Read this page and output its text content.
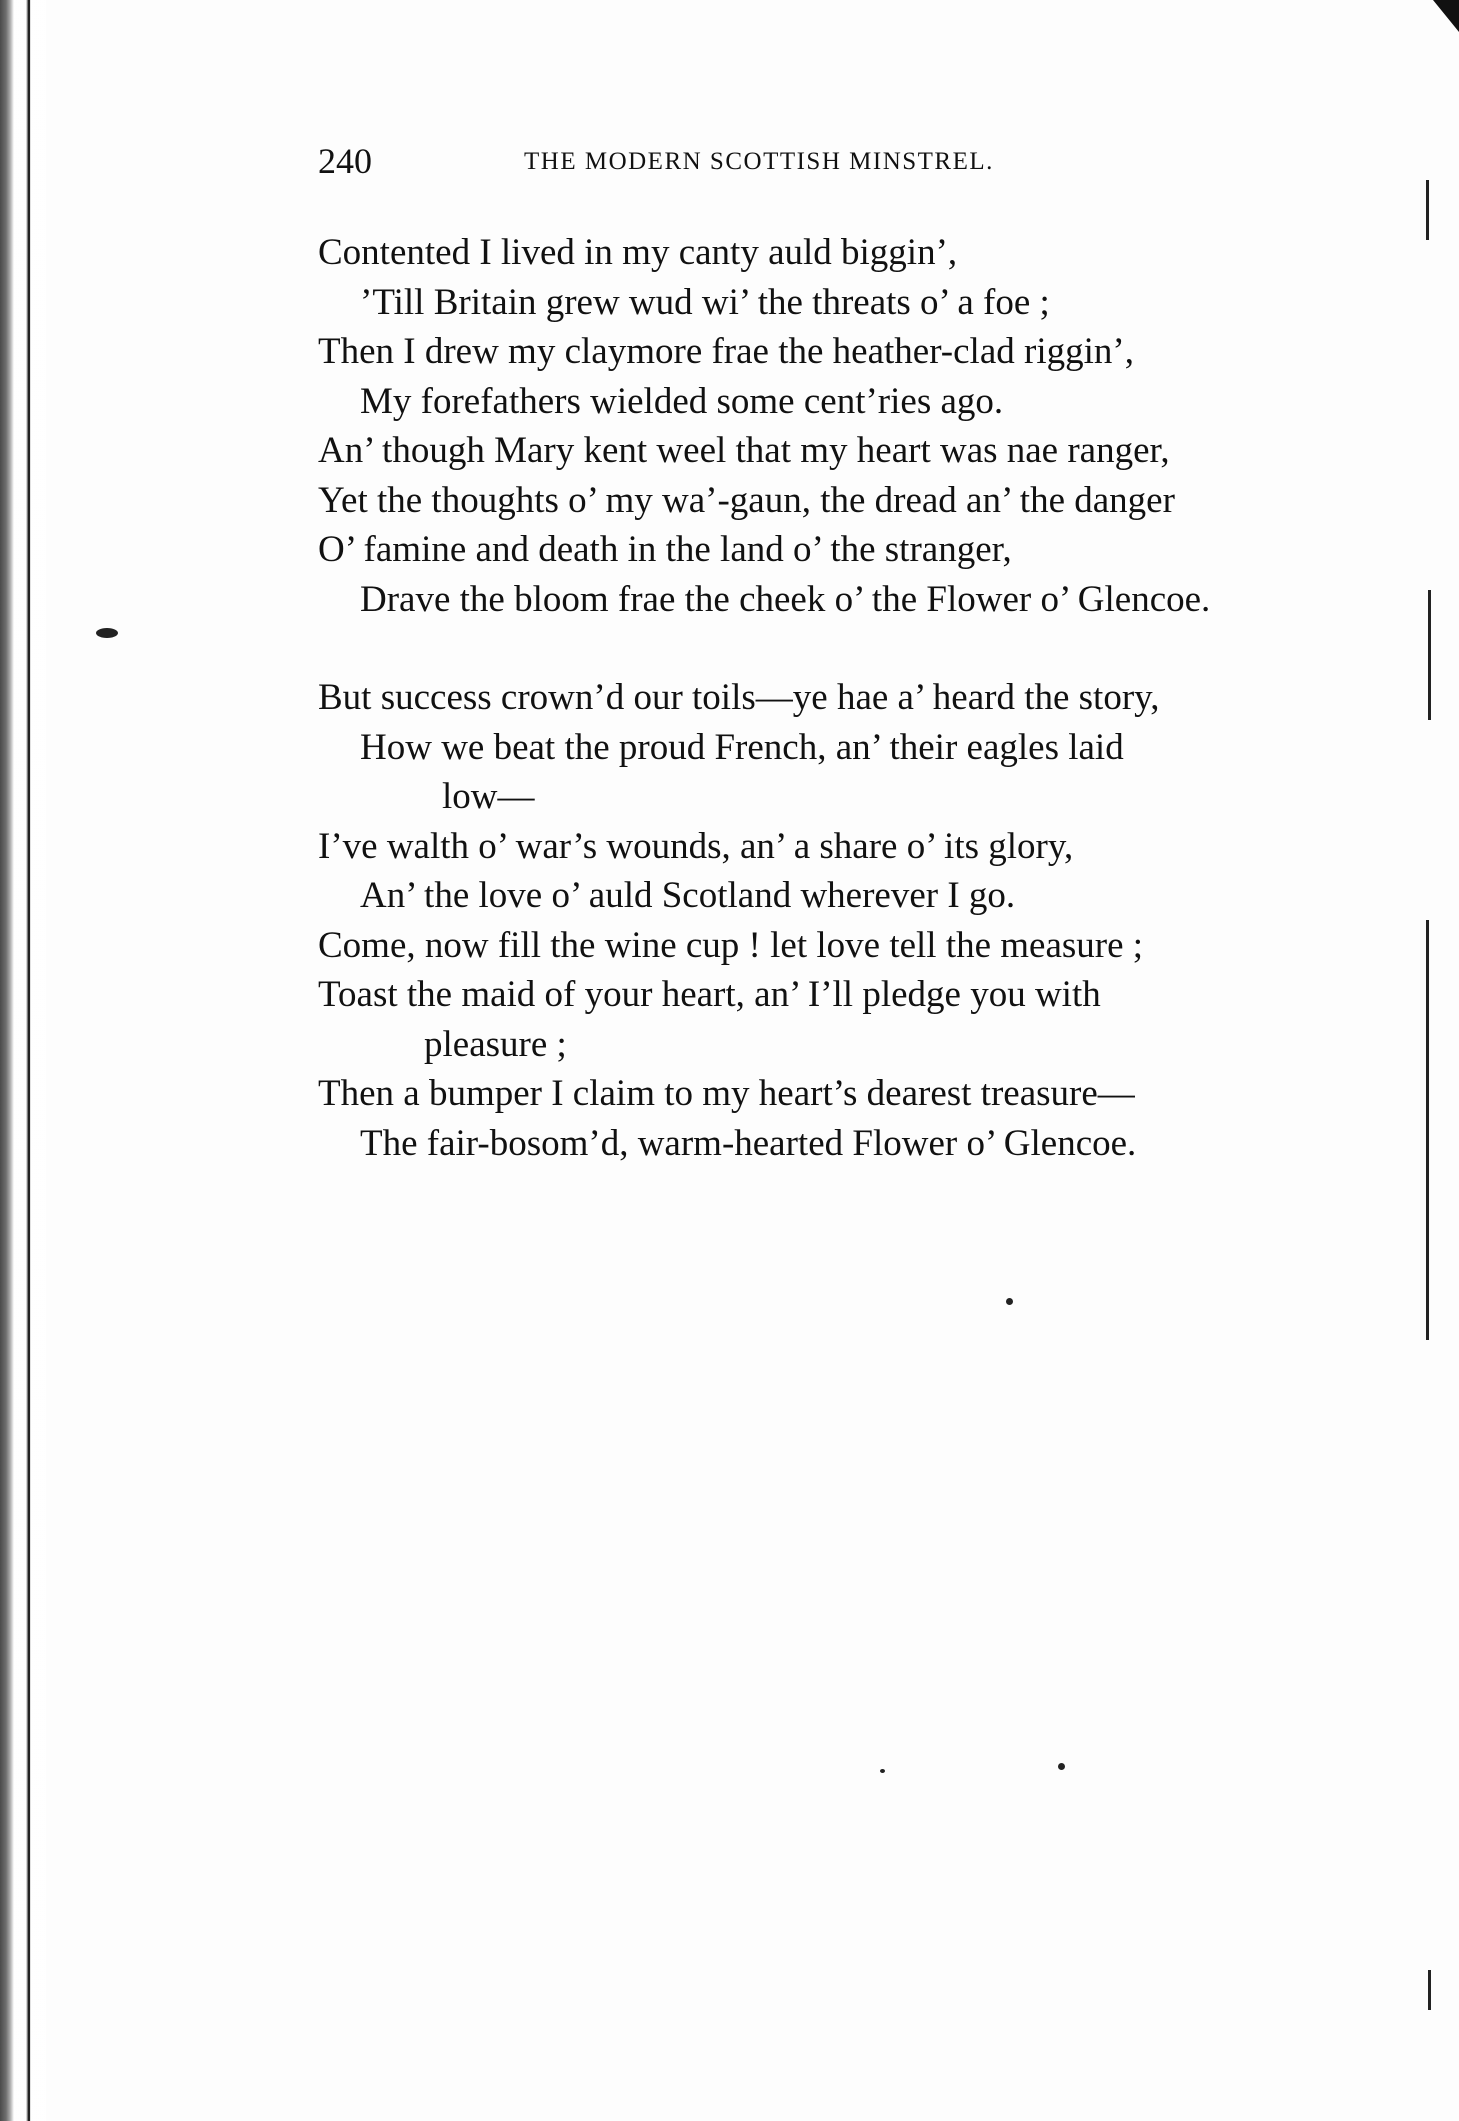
240	THE MODERN SCOTTISH MINSTREL.
Contented I lived in my canty auld biggin’,
’Till Britain grew wud wi’ the threats o’ a foe ;
Then I drew my claymore frae the heather-clad riggin’,
My forefathers wielded some cent’ries ago.
An’ though Mary kent weel that my heart was nae ranger,
Yet the thoughts o’ my wa’-gaun, the dread an’ the danger
O’ famine and death in the land o’ the stranger,
Drave the bloom frae the cheek o’ the Flower o’ Glencoe.
But success crown’d our toils—ye hae a’ heard the story,
How we beat the proud French, an’ their eagles laid
low—
I’ve walth o’ war’s wounds, an’ a share o’ its glory,
An’ the love o’ auld Scotland wherever I go.
Come, now fill the wine cup ! let love tell the measure ;
Toast the maid of your heart, an’ I’ll pledge you with
pleasure ;
Then a bumper I claim to my heart’s dearest treasure—
The fair-bosom’d, warm-hearted Flower o’ Glencoe.
